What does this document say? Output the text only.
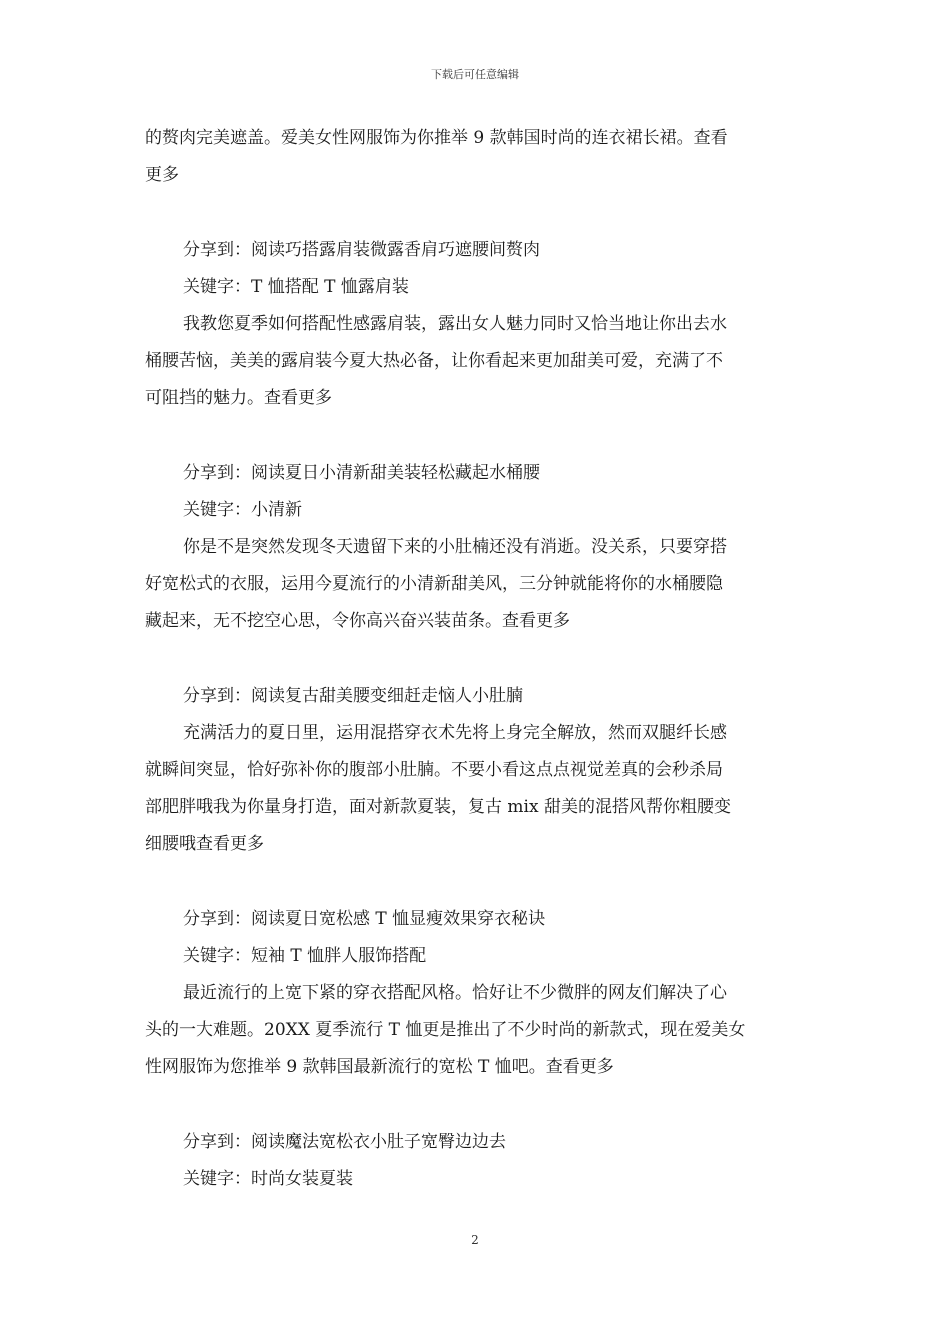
下载后可任意编辑
的赘肉完美遮盖。爱美女性网服饰为你推举 9 款韩国时尚的连衣裙长裙。查看
更多
分享到：阅读巧搭露肩装微露香肩巧遮腰间赘肉
关键字：T 恤搭配 T 恤露肩装
我教您夏季如何搭配性感露肩装，露出女人魅力同时又恰当地让你出去水
桶腰苦恼，美美的露肩装今夏大热必备，让你看起来更加甜美可爱，充满了不
可阻挡的魅力。查看更多
分享到：阅读夏日小清新甜美装轻松藏起水桶腰
关键字：小清新
你是不是突然发现冬天遗留下来的小肚楠还没有消逝。没关系，只要穿搭
好宽松式的衣服，运用今夏流行的小清新甜美风，三分钟就能将你的水桶腰隐
藏起来，无不挖空心思，令你高兴奋兴装苗条。查看更多
分享到：阅读复古甜美腰变细赶走恼人小肚腩
充满活力的夏日里，运用混搭穿衣术先将上身完全解放，然而双腿纤长感
就瞬间突显，恰好弥补你的腹部小肚腩。不要小看这点点视觉差真的会秒杀局
部肥胖哦我为你量身打造，面对新款夏装，复古 mix 甜美的混搭风帮你粗腰变
细腰哦查看更多
分享到：阅读夏日宽松感 T 恤显瘦效果穿衣秘诀
关键字：短袖 T 恤胖人服饰搭配
最近流行的上宽下紧的穿衣搭配风格。恰好让不少微胖的网友们解决了心
头的一大难题。20XX 夏季流行 T 恤更是推出了不少时尚的新款式，现在爱美女
性网服饰为您推举 9 款韩国最新流行的宽松 T 恤吧。查看更多
分享到：阅读魔法宽松衣小肚子宽臀边边去
关键字：时尚女装夏装
2
